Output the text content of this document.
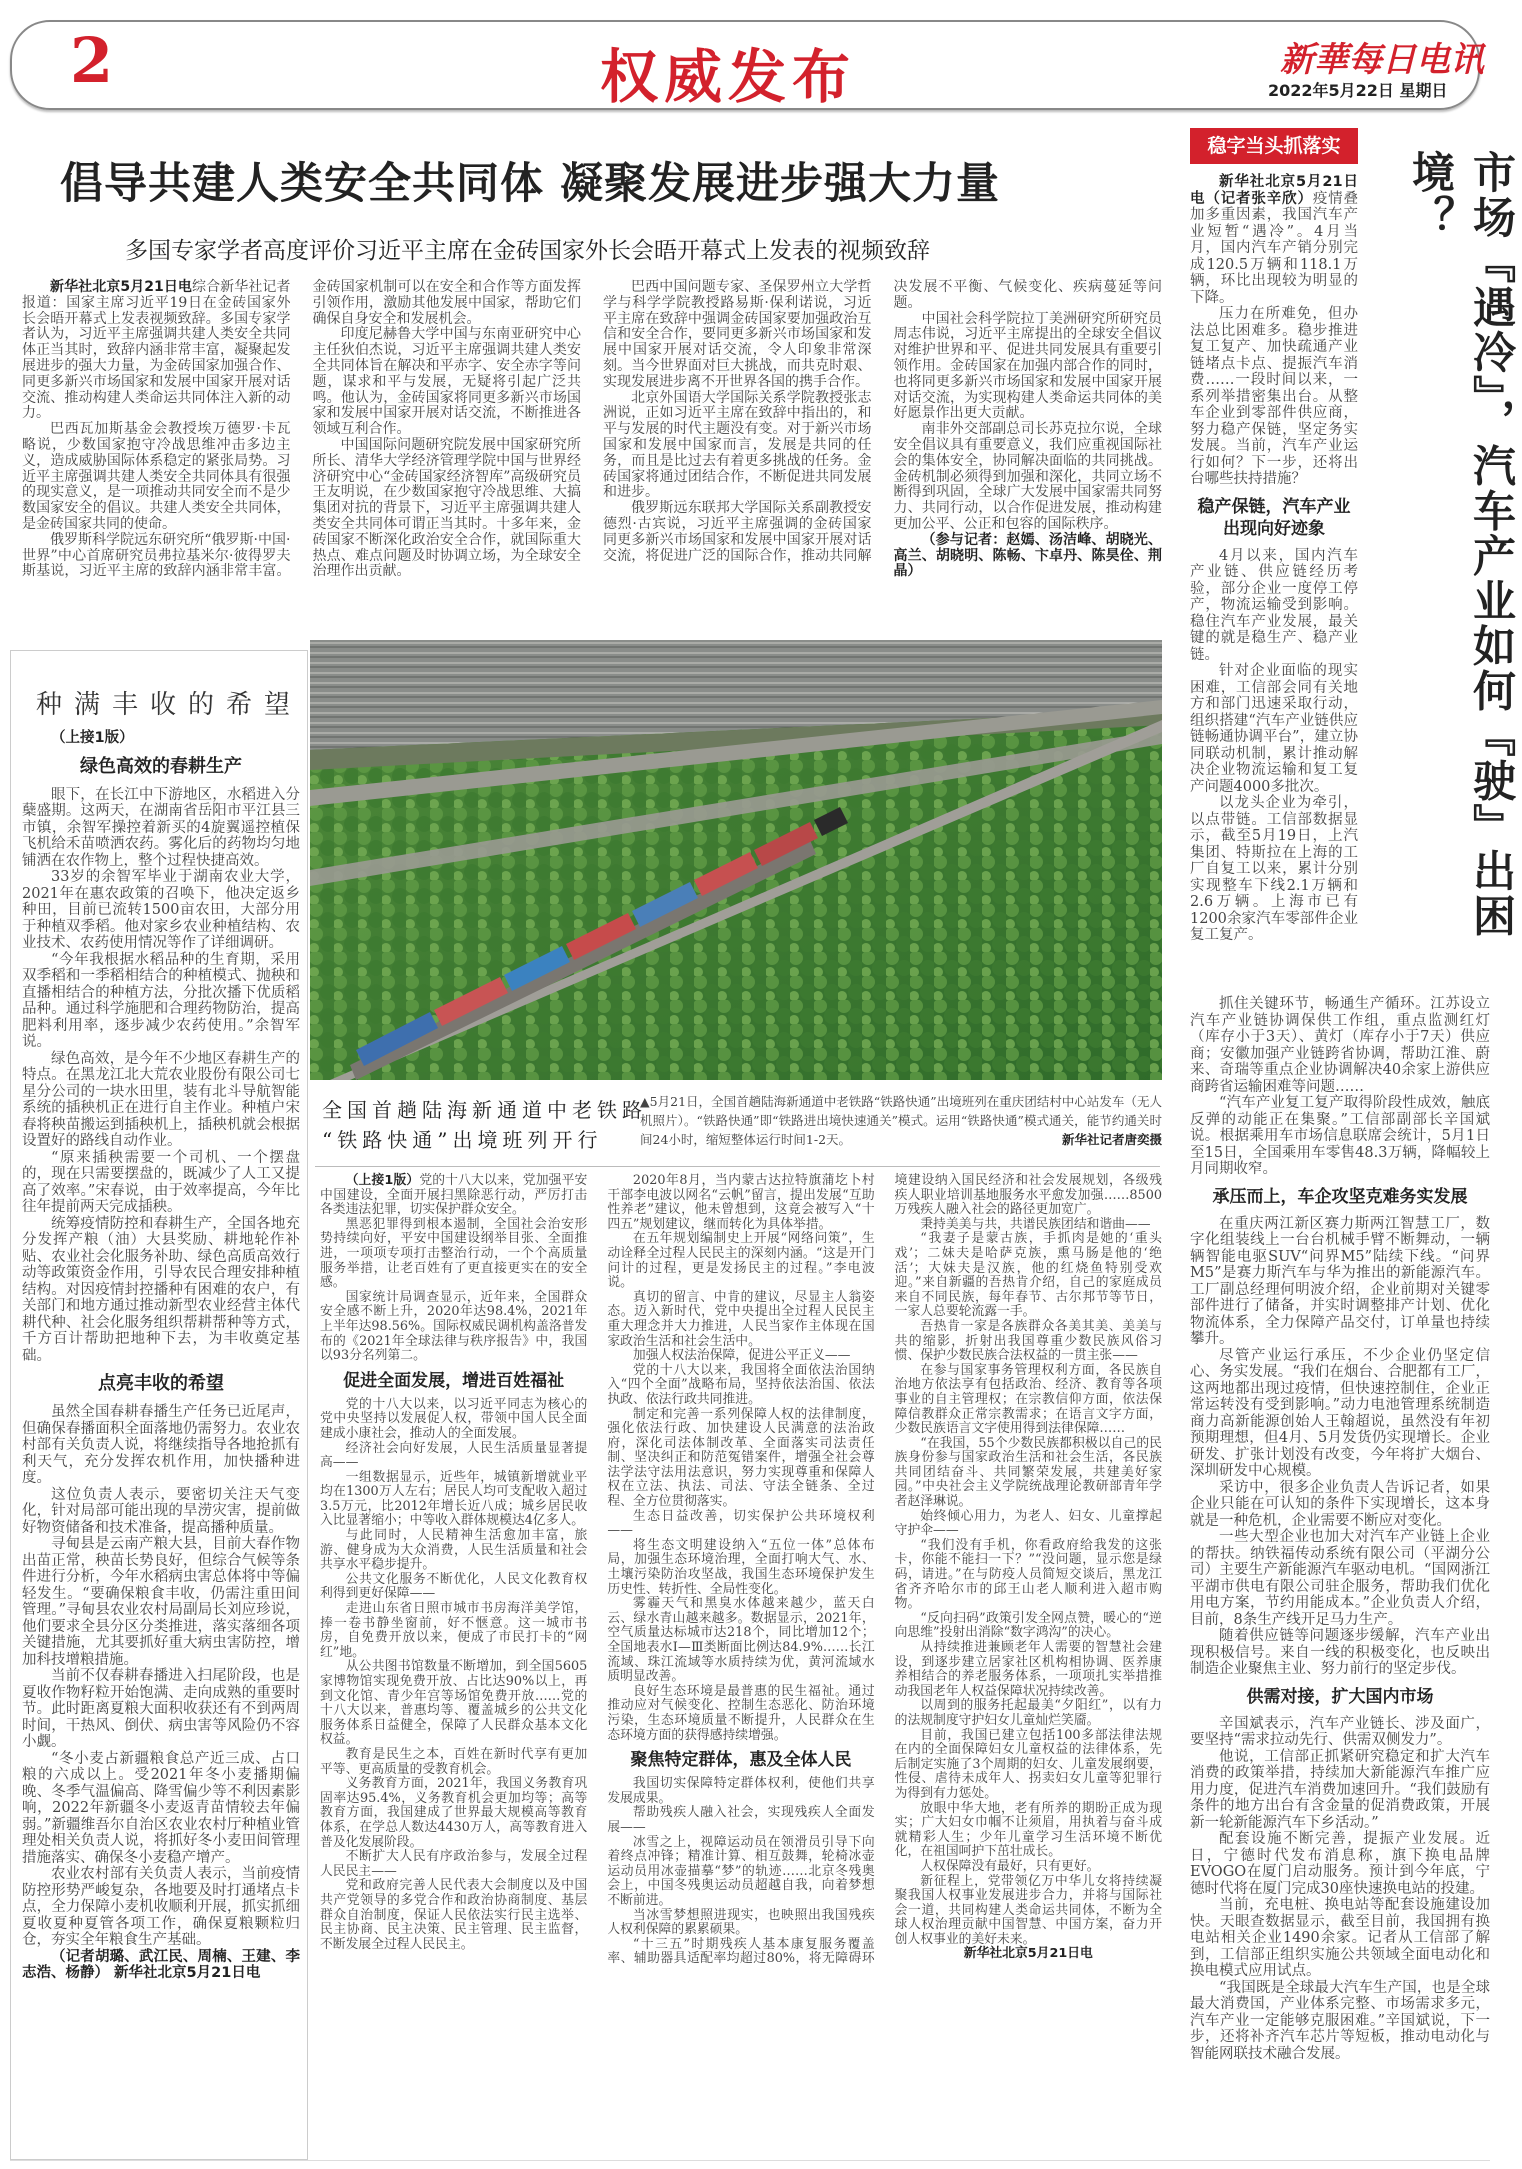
2	权威发布	新華每日电讯
2022年5月22日 星期日
倡导共建人类安全共同体 凝聚发展进步强大力量
多国专家学者高度评价习近平主席在金砖国家外长会晤开幕式上发表的视频致辞

新华社北京5月21日电综合新华社记者报道：国家主席习近平19日在金砖国家外长会晤开幕式上发表视频致辞。多国专家学者认为，习近平主席强调共建人类安全共同体正当其时，致辞内涵非常丰富，凝聚起发展进步的强大力量，为金砖国家加强合作、同更多新兴市场国家和发展中国家开展对话交流、推动构建人类命运共同体注入新的动力。

巴西瓦加斯基金会教授埃万德罗·卡瓦略说，少数国家抱守冷战思维冲击多边主义，造成威胁国际体系稳定的紧张局势。习近平主席强调共建人类安全共同体具有很强的现实意义，是一项推动共同安全而不是少数国家安全的倡议。共建人类安全共同体，是金砖国家共同的使命。

俄罗斯科学院远东研究所“俄罗斯·中国·世界”中心首席研究员弗拉基米尔·彼得罗夫斯基说，习近平主席的致辞内涵非常丰富。金砖国家机制可以在安全和合作等方面发挥引领作用，激励其他发展中国家，帮助它们确保自身安全和发展机会。

印度尼赫鲁大学中国与东南亚研究中心主任狄伯杰说，习近平主席强调共建人类安全共同体旨在解决和平赤字、安全赤字等问题，谋求和平与发展，无疑将引起广泛共鸣。他认为，金砖国家将同更多新兴市场国家和发展中国家开展对话交流，不断推进各领域互利合作。

中国国际问题研究院发展中国家研究所所长、清华大学经济管理学院中国与世界经济研究中心“金砖国家经济智库”高级研究员王友明说，在少数国家抱守冷战思维、大搞集团对抗的背景下，习近平主席强调共建人类安全共同体可谓正当其时。十多年来，金砖国家不断深化政治安全合作，就国际重大热点、难点问题及时协调立场，为全球安全治理作出贡献。

巴西中国问题专家、圣保罗州立大学哲学与科学学院教授路易斯·保利诺说，习近平主席在致辞中强调金砖国家要加强政治互信和安全合作，要同更多新兴市场国家和发展中国家开展对话交流，令人印象非常深刻。当今世界面对巨大挑战，而共克时艰、实现发展进步离不开世界各国的携手合作。

北京外国语大学国际关系学院教授张志洲说，正如习近平主席在致辞中指出的，和平与发展的时代主题没有变。对于新兴市场国家和发展中国家而言，发展是共同的任务，而且是比过去有着更多挑战的任务。金砖国家将通过团结合作，不断促进共同发展和进步。

俄罗斯远东联邦大学国际关系副教授安德烈·古宾说，习近平主席强调的金砖国家同更多新兴市场国家和发展中国家开展对话交流，将促进广泛的国际合作，推动共同解决发展不平衡、气候变化、疾病蔓延等问题。

中国社会科学院拉丁美洲研究所研究员周志伟说，习近平主席提出的全球安全倡议对维护世界和平、促进共同发展具有重要引领作用。金砖国家在加强内部合作的同时，也将同更多新兴市场国家和发展中国家开展对话交流，为实现构建人类命运共同体的美好愿景作出更大贡献。

南非外交部副总司长苏克拉尔说，全球安全倡议具有重要意义，我们应重视国际社会的集体安全，协同解决面临的共同挑战。金砖机制必须得到加强和深化，共同立场不断得到巩固，全球广大发展中国家需共同努力、共同行动，以合作促进发展，推动构建更加公平、公正和包容的国际秩序。

（参与记者：赵嫣、汤洁峰、胡晓光、高兰、胡晓明、陈畅、卞卓丹、陈昊佺、荆晶）

种满丰收的希望

（上接1版）

绿色高效的春耕生产

眼下，在长江中下游地区，水稻进入分蘖盛期。这两天，在湖南省岳阳市平江县三市镇，余智军操控着新买的4旋翼遥控植保飞机给禾苗喷洒农药。雾化后的药物均匀地铺洒在农作物上，整个过程快捷高效。

33岁的余智军毕业于湖南农业大学，2021年在惠农政策的召唤下，他决定返乡种田，目前已流转1500亩农田，大部分用于种植双季稻。他对家乡农业种植结构、农业技术、农药使用情况等作了详细调研。

“今年我根据水稻品种的生育期，采用双季稻和一季稻相结合的种植模式、抛秧和直播相结合的种植方法，分批次播下优质稻品种。通过科学施肥和合理药物防治，提高肥料利用率，逐步减少农药使用。”余智军说。

绿色高效，是今年不少地区春耕生产的特点。在黑龙江北大荒农业股份有限公司七星分公司的一块水田里，装有北斗导航智能系统的插秧机正在进行自主作业。种植户宋春将秧苗搬运到插秧机上，插秧机就会根据设置好的路线自动作业。

“原来插秧需要一个司机、一个摆盘的，现在只需要摆盘的，既减少了人工又提高了效率。”宋春说，由于效率提高，今年比往年提前两天完成插秧。

统筹疫情防控和春耕生产，全国各地充分发挥产粮（油）大县奖励、耕地轮作补贴、农业社会化服务补助、绿色高质高效行动等政策资金作用，引导农民合理安排种植结构。对因疫情封控播种有困难的农户，有关部门和地方通过推动新型农业经营主体代耕代种、社会化服务组织帮耕帮种等方式，千方百计帮助把地种下去，为丰收奠定基础。

点亮丰收的希望

虽然全国春耕春播生产任务已近尾声，但确保春播面积全面落地仍需努力。农业农村部有关负责人说，将继续指导各地抢抓有利天气，充分发挥农机作用，加快播种进度。

这位负责人表示，要密切关注天气变化，针对局部可能出现的旱涝灾害，提前做好物资储备和技术准备，提高播种质量。

寻甸县是云南产粮大县，目前大春作物出苗正常，秧苗长势良好，但综合气候等条件进行分析，今年水稻病虫害总体将中等偏轻发生。“要确保粮食丰收，仍需注重田间管理。”寻甸县农业农村局副局长刘应珍说，他们要求全县分区分类推进，落实落细各项关键措施，尤其要抓好重大病虫害防控，增加科技增粮措施。

当前不仅春耕春播进入扫尾阶段，也是夏收作物籽粒开始饱满、走向成熟的重要时节。此时距离夏粮大面积收获还有不到两周时间，干热风、倒伏、病虫害等风险仍不容小觑。

“冬小麦占新疆粮食总产近三成、占口粮的六成以上。受2021年冬小麦播期偏晚、冬季气温偏高、降雪偏少等不利因素影响，2022年新疆冬小麦返青苗情较去年偏弱。”新疆维吾尔自治区农业农村厅种植业管理处相关负责人说，将抓好冬小麦田间管理措施落实、确保冬小麦稳产增产。

农业农村部有关负责人表示，当前疫情防控形势严峻复杂，各地要及时打通堵点卡点，全力保障小麦机收顺利开展，抓实抓细夏收夏种夏管各项工作，确保夏粮颗粒归仓，夯实全年粮食生产基础。

（记者胡璐、武江民、周楠、王建、李志浩、杨静） 新华社北京5月21日电

全国首趟陆海新通道中老铁路
“铁路快通”出境班列开行
▲5月21日，全国首趟陆海新通道中老铁路“铁路快通”出境班列在重庆团结村中心站发车（无人机照片）。“铁路快通”即“铁路进出境快速通关”模式。运用“铁路快通”模式通关，能节约通关时间24小时，缩短整体运行时间1-2天。	新华社记者唐奕摄

（上接1版）党的十八大以来，党加强平安中国建设，全面开展扫黑除恶行动，严厉打击各类违法犯罪，切实保护群众安全。

黑恶犯罪得到根本遏制，全国社会治安形势持续向好，平安中国建设纲举目张、全面推进，一项项专项打击整治行动，一个个高质量服务举措，让老百姓有了更直接更实在的安全感。

国家统计局调查显示，近年来，全国群众安全感不断上升，2020年达98.4%，2021年上半年达98.56%。国际权威民调机构盖洛普发布的《2021年全球法律与秩序报告》中，我国以93分名列第二。

促进全面发展，增进百姓福祉

党的十八大以来，以习近平同志为核心的党中央坚持以发展促人权，带领中国人民全面建成小康社会，推动人的全面发展。

经济社会向好发展，人民生活质量显著提高——

一组数据显示，近些年，城镇新增就业平均在1300万人左右；居民人均可支配收入超过3.5万元，比2012年增长近八成；城乡居民收入比显著缩小；中等收入群体规模达4亿多人。

与此同时，人民精神生活愈加丰富，旅游、健身成为大众消费，人民生活质量和社会共享水平稳步提升。

公共文化服务不断优化，人民文化教育权利得到更好保障——

走进山东省日照市城市书房海洋美学馆，捧一卷书静坐窗前，好不惬意。这一城市书房，自免费开放以来，便成了市民打卡的“网红”地。

从公共图书馆数量不断增加，到全国5605家博物馆实现免费开放、占比达90%以上，再到文化馆、青少年宫等场馆免费开放……党的十八大以来，普惠均等、覆盖城乡的公共文化服务体系日益健全，保障了人民群众基本文化权益。

教育是民生之本，百姓在新时代享有更加平等、更高质量的受教育机会。

义务教育方面，2021年，我国义务教育巩固率达95.4%，义务教育机会更加均等；高等教育方面，我国建成了世界最大规模高等教育体系，在学总人数达4430万人，高等教育进入普及化发展阶段。

不断扩大人民有序政治参与，发展全过程人民民主——

党和政府完善人民代表大会制度以及中国共产党领导的多党合作和政治协商制度、基层群众自治制度，保证人民依法实行民主选举、民主协商、民主决策、民主管理、民主监督，不断发展全过程人民民主。

2020年8月，当内蒙古达拉特旗蒲圪卜村干部李电波以网名“云帆”留言，提出发展“互助性养老”建议，他未曾想到，这竟会被写入“十四五”规划建议，继而转化为具体举措。

在五年规划编制史上开展“网络问策”，生动诠释全过程人民民主的深刻内涵。“这是开门问计的过程，更是发扬民主的过程。”李电波说。

真切的留言、中肯的建议，尽显主人翁姿态。迈入新时代，党中央提出全过程人民民主重大理念并大力推进，人民当家作主体现在国家政治生活和社会生活中。

加强人权法治保障，促进公平正义——

党的十八大以来，我国将全面依法治国纳入“四个全面”战略布局，坚持依法治国、依法执政、依法行政共同推进。

制定和完善一系列保障人权的法律制度，强化依法行政、加快建设人民满意的法治政府，深化司法体制改革、全面落实司法责任制、坚决纠正和防范冤错案件，增强全社会尊法学法守法用法意识，努力实现尊重和保障人权在立法、执法、司法、守法全链条、全过程、全方位贯彻落实。

生态日益改善，切实保护公共环境权利——

将生态文明建设纳入“五位一体”总体布局，加强生态环境治理，全面打响大气、水、土壤污染防治攻坚战，我国生态环境保护发生历史性、转折性、全局性变化。

雾霾天气和黑臭水体越来越少，蓝天白云、绿水青山越来越多。数据显示，2021年，空气质量达标城市达218个，同比增加12个；全国地表水Ⅰ—Ⅲ类断面比例达84.9%……长江流域、珠江流域等水质持续为优，黄河流域水质明显改善。

良好生态环境是最普惠的民生福祉。通过推动应对气候变化、控制生态恶化、防治环境污染，生态环境质量不断提升，人民群众在生态环境方面的获得感持续增强。

聚焦特定群体，惠及全体人民

我国切实保障特定群体权利，使他们共享发展成果。

帮助残疾人融入社会，实现残疾人全面发展——

冰雪之上，视障运动员在领滑员引导下向着终点冲锋；精准计算、相互鼓舞，轮椅冰壶运动员用冰壶描摹“梦”的轨迹……北京冬残奥会上，中国冬残奥运动员超越自我，向着梦想不断前进。

当冰雪梦想照进现实，也映照出我国残疾人权利保障的累累硕果。

“十三五”时期残疾人基本康复服务覆盖率、辅助器具适配率均超过80%，将无障碍环境建设纳入国民经济和社会发展规划，各级残疾人职业培训基地服务水平愈发加强……8500万残疾人融入社会的路径更加宽广。

秉持美美与共，共谱民族团结和谐曲——

“我妻子是蒙古族，手抓肉是她的‘重头戏’；二妹夫是哈萨克族，熏马肠是他的‘绝活’；大妹夫是汉族，他的红烧鱼特别受欢迎。”来自新疆的吾热肯介绍，自己的家庭成员来自不同民族，每年春节、古尔邦节等节日，一家人总要轮流露一手。

吾热肯一家是各族群众各美其美、美美与共的缩影，折射出我国尊重少数民族风俗习惯、保护少数民族合法权益的一贯主张——

在参与国家事务管理权利方面，各民族自治地方依法享有包括政治、经济、教育等各项事业的自主管理权；在宗教信仰方面，依法保障信教群众正常宗教需求；在语言文字方面，少数民族语言文字使用得到法律保障……

“在我国，55个少数民族都积极以自己的民族身份参与国家政治生活和社会生活，各民族共同团结奋斗、共同繁荣发展，共建美好家园。”中央社会主义学院统战理论教研部青年学者赵泽琳说。

始终倾心用力，为老人、妇女、儿童撑起守护伞——

“我们没有手机，你看政府给我发的这张卡，你能不能扫一下？”“没问题，显示您是绿码，请进。”在与防疫人员简短交谈后，黑龙江省齐齐哈尔市的邱王山老人顺利进入超市购物。

“反向扫码”政策引发全网点赞，暖心的“逆向思维”投射出消除“数字鸿沟”的决心。

从持续推进兼顾老年人需要的智慧社会建设，到逐步建立居家社区机构相协调、医养康养相结合的养老服务体系，一项项扎实举措推动我国老年人权益保障状况持续改善。

以周到的服务托起最美“夕阳红”，以有力的法规制度守护妇女儿童灿烂笑靥。

目前，我国已建立包括100多部法律法规在内的全面保障妇女儿童权益的法律体系，先后制定实施了3个周期的妇女、儿童发展纲要，性侵、虐待未成年人、拐卖妇女儿童等犯罪行为得到有力惩处。

放眼中华大地，老有所养的期盼正成为现实；广大妇女巾帼不让须眉，用执着与奋斗成就精彩人生；少年儿童学习生活环境不断优化，在祖国呵护下茁壮成长。

人权保障没有最好，只有更好。

新征程上，党带领亿万中华儿女将持续凝聚我国人权事业发展进步合力，并将与国际社会一道，共同构建人类命运共同体，不断为全球人权治理贡献中国智慧、中国方案，奋力开创人权事业的美好未来。

新华社北京5月21日电

稳字当头抓落实
市场『遇冷』，汽车产业如何『驶』出困境？

新华社北京5月21日电（记者张辛欣）疫情叠加多重因素，我国汽车产业短暂“遇冷”。4月当月，国内汽车产销分别完成120.5万辆和118.1万辆，环比出现较为明显的下降。

压力在所难免，但办法总比困难多。稳步推进复工复产、加快疏通产业链堵点卡点、提振汽车消费……一段时间以来，一系列举措密集出台。从整车企业到零部件供应商，努力稳产保链，坚定务实发展。当前，汽车产业运行如何？下一步，还将出台哪些扶持措施？

稳产保链，汽车产业出现向好迹象

4月以来，国内汽车产业链、供应链经历考验，部分企业一度停工停产，物流运输受到影响。稳住汽车产业发展，最关键的就是稳生产、稳产业链。

针对企业面临的现实困难，工信部会同有关地方和部门迅速采取行动，组织搭建“汽车产业链供应链畅通协调平台”，建立协同联动机制，累计推动解决企业物流运输和复工复产问题4000多批次。

以龙头企业为牵引，以点带链。工信部数据显示，截至5月19日，上汽集团、特斯拉在上海的工厂自复工以来，累计分别实现整车下线2.1万辆和2.6万辆。上海市已有1200余家汽车零部件企业复工复产。

抓住关键环节，畅通生产循环。江苏设立汽车产业链协调保供工作组，重点监测红灯（库存小于3天）、黄灯（库存小于7天）供应商；安徽加强产业链跨省协调，帮助江淮、蔚来、奇瑞等重点企业协调解决40余家上游供应商跨省运输困难等问题……

“汽车产业复工复产取得阶段性成效，触底反弹的动能正在集聚。”工信部副部长辛国斌说。根据乘用车市场信息联席会统计，5月1日至15日，全国乘用车零售48.3万辆，降幅较上月同期收窄。

承压而上，车企攻坚克难务实发展

在重庆两江新区赛力斯两江智慧工厂，数字化组装线上一台台机械手臂不断舞动，一辆辆智能电驱SUV“问界M5”陆续下线。“问界M5”是赛力斯汽车与华为推出的新能源汽车。工厂副总经理何明波介绍，企业前期对关键零部件进行了储备，并实时调整排产计划、优化物流体系，全力保障产品交付，订单量也持续攀升。

尽管产业运行承压，不少企业仍坚定信心、务实发展。“我们在烟台、合肥都有工厂，这两地都出现过疫情，但快速控制住，企业正常运转没有受到影响。”动力电池管理系统制造商力高新能源创始人王翰超说，虽然没有年初预期理想，但4月、5月发货仍实现增长。企业研发、扩张计划没有改变，今年将扩大烟台、深圳研发中心规模。

采访中，很多企业负责人告诉记者，如果企业只能在可认知的条件下实现增长，这本身就是一种危机，企业需要不断应对变化。

一些大型企业也加大对汽车产业链上企业的帮扶。纳铁福传动系统有限公司（平湖分公司）主要生产新能源汽车驱动电机。“国网浙江平湖市供电有限公司驻企服务，帮助我们优化用电方案，节约用能成本。”企业负责人介绍，目前，8条生产线开足马力生产。

随着供应链等问题逐步缓解，汽车产业出现积极信号。来自一线的积极变化，也反映出制造企业聚焦主业、努力前行的坚定步伐。

供需对接，扩大国内市场

辛国斌表示，汽车产业链长、涉及面广，要坚持“需求拉动先行、供需双侧发力”。

他说，工信部正抓紧研究稳定和扩大汽车消费的政策举措，持续加大新能源汽车推广应用力度，促进汽车消费加速回升。“我们鼓励有条件的地方出台有含金量的促消费政策，开展新一轮新能源汽车下乡活动。”

配套设施不断完善，提振产业发展。近日，宁德时代发布消息称，旗下换电品牌EVOGO在厦门启动服务。预计到今年底，宁德时代将在厦门完成30座快速换电站的投建。

当前，充电桩、换电站等配套设施建设加快。天眼查数据显示，截至目前，我国拥有换电站相关企业1490余家。记者从工信部了解到，工信部正组织实施公共领域全面电动化和换电模式应用试点。

“我国既是全球最大汽车生产国，也是全球最大消费国，产业体系完整、市场需求多元，汽车产业一定能够克服困难。”辛国斌说，下一步，还将补齐汽车芯片等短板，推动电动化与智能网联技术融合发展。
